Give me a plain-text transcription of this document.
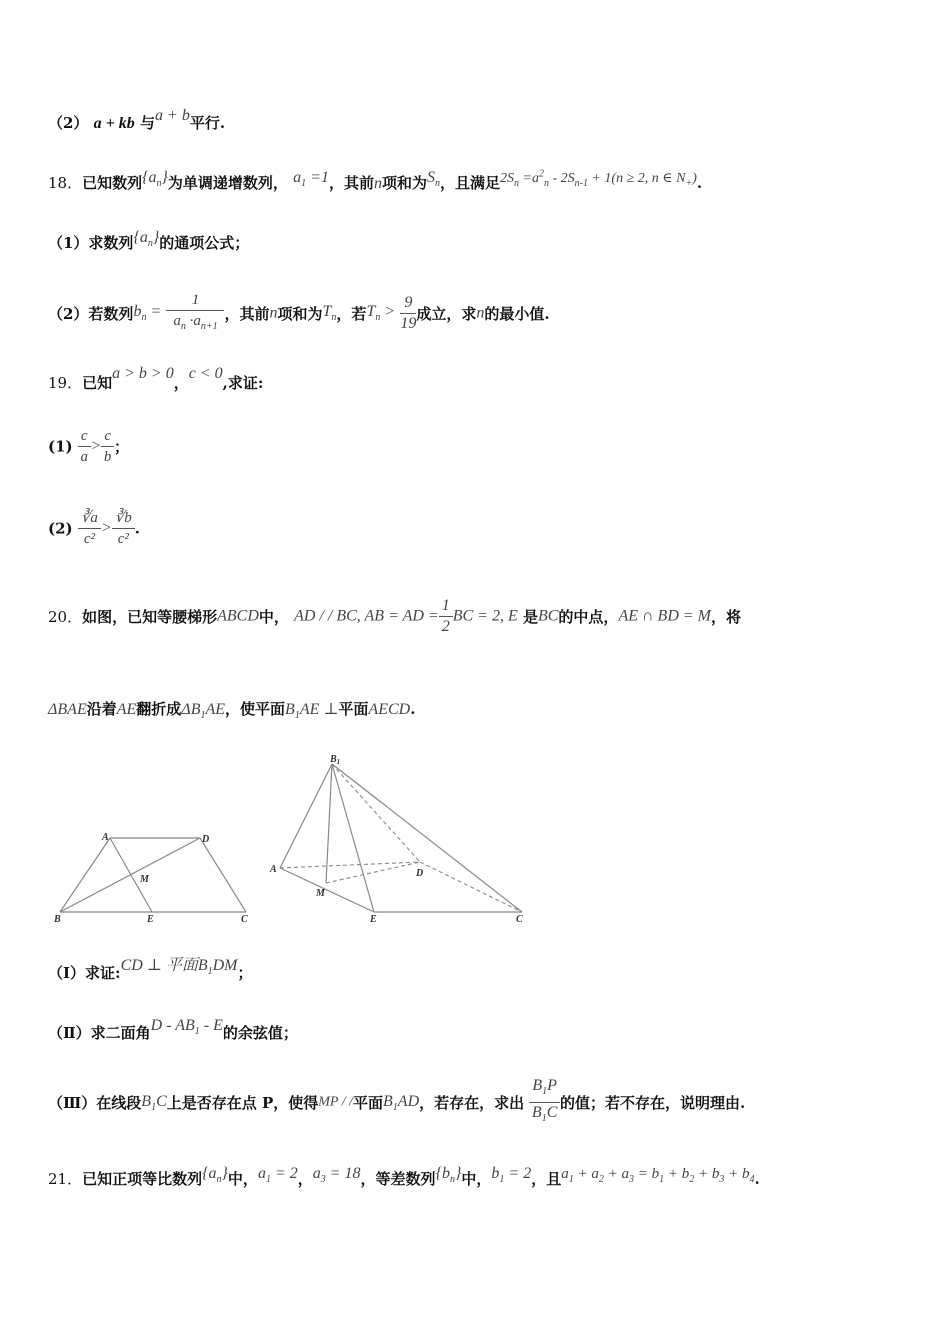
（2） a + kb 与a + b平行.
18．已知数列$\{a_n\}$为单调递增数列， $a_1 =1$，其前n项和为$S_n$，且满足$2S_n =a^2_n - 2S_{n-1} + 1(n \ge 2$, n ∈ $N_+$).
（1）求数列$\{a_n\}$的通项公式；
（2）若数列$b_n = \frac{1}{a_n \cdot a_{n+1}}$ ，其前n项和为$T_n$，若$T_n > \frac{9}{19}$ 成立，求n的最小值.
19．已知a > b > 0，c < 0,求证:
$(1) \frac{c}{a} > \frac{c}{b}$ ；
$(2) \frac{∛a}{\text{c²}} > \frac{∛b}{\text{c²}}$ .
20．如图，已知等腰梯形ABCD中， AD / / BC, AB = AD = $\frac{1}{2}$ BC = 2, E 是BC的中点，AE ∩ BD = M，将
ΔBAE沿着AE翻折成$\Delta B_1AE$，使平面$B_1AE$ ⊥平面AECD.
A	D
M
B	E	C
$B_1$
A	D
M
E	C
（Ⅰ）求证:CD ⊥ 平面$B_1DM$；
（Ⅱ）求二面角D - $AB_1$ - E的余弦值；
（Ⅲ）在线段$B_1C$上是否存在点 P，使得MP / /平面$B_1AD$，若存在，求出 $\frac{B_1P}{B_1C}$ 的值；若不存在，说明理由.
21．已知正项等比数列$\{a_n\}$中，$a_1 = 2$，$a_3 = 18$，等差数列$\{b_n\}$中，$b_1 = 2$，且$a_1 + a_2 + a_3 = b_1 + b_2 + b_3 + b_4$.
